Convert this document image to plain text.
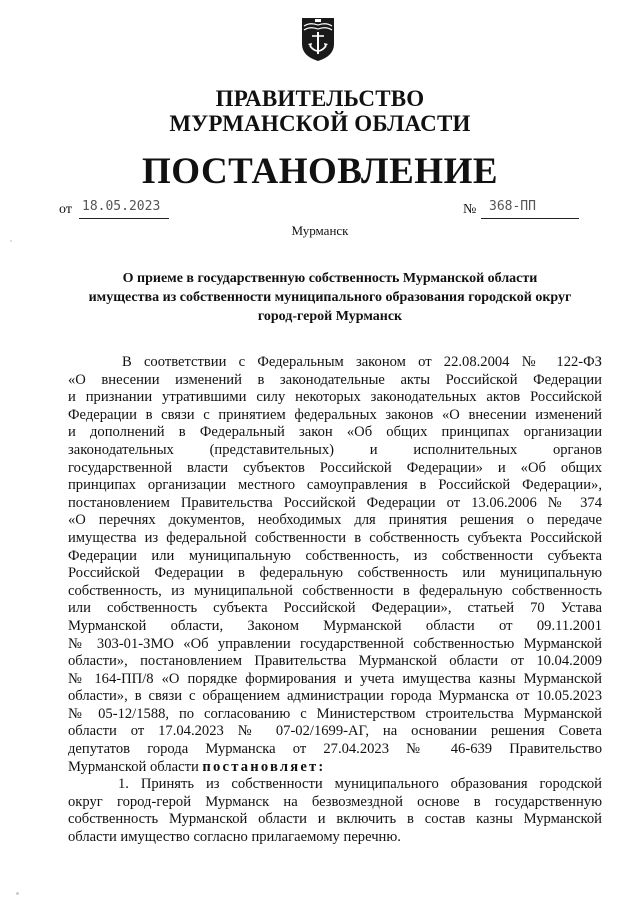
ПРАВИТЕЛЬСТВО
МУРМАНСКОЙ ОБЛАСТИ
ПОСТАНОВЛЕНИЕ
от 18.05.2023	№ 368-ПП
Мурманск
О приеме в государственную собственность Мурманской области
имущества из собственности муниципального образования городской округ
город-герой Мурманск
В соответствии с Федеральным законом от 22.08.2004 № 122-ФЗ
«О внесении изменений в законодательные акты Российской Федерации
и признании утратившими силу некоторых законодательных актов Российской
Федерации в связи с принятием федеральных законов «О внесении изменений
и дополнений в Федеральный закон «Об общих принципах организации
законодательных (представительных) и исполнительных органов
государственной власти субъектов Российской Федерации» и «Об общих
принципах организации местного самоуправления в Российской Федерации»,
постановлением Правительства Российской Федерации от 13.06.2006 № 374
«О перечнях документов, необходимых для принятия решения о передаче
имущества из федеральной собственности в собственность субъекта Российской
Федерации или муниципальную собственность, из собственности субъекта
Российской Федерации в федеральную собственность или муниципальную
собственность, из муниципальной собственности в федеральную собственность
или собственность субъекта Российской Федерации», статьей 70 Устава
Мурманской области, Законом Мурманской области от 09.11.2001
№ 303-01-ЗМО «Об управлении государственной собственностью Мурманской
области», постановлением Правительства Мурманской области от 10.04.2009
№ 164-ПП/8 «О порядке формирования и учета имущества казны Мурманской
области», в связи с обращением администрации города Мурманска от 10.05.2023
№ 05-12/1588, по согласованию с Министерством строительства Мурманской
области от 17.04.2023 № 07-02/1699-АГ, на основании решения Совета
депутатов города Мурманска от 27.04.2023 № 46-639 Правительство
Мурманской области постановляет:
1. Принять из собственности муниципального образования городской
округ город-герой Мурманск на безвозмездной основе в государственную
собственность Мурманской области и включить в состав казны Мурманской
области имущество согласно прилагаемому перечню.
